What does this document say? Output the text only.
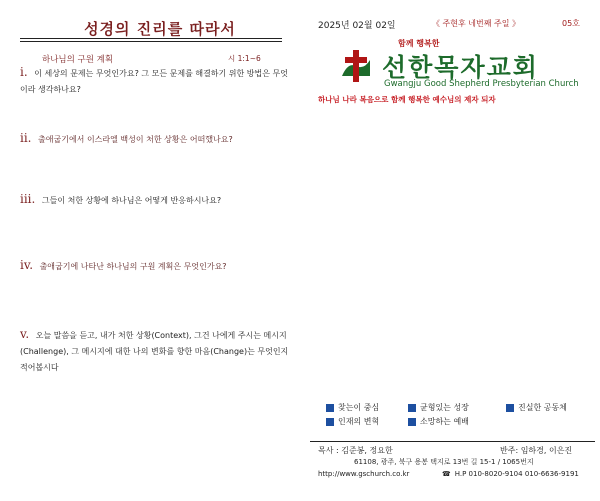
성경의 진리를 따라서
하나님의 구원 계획	시 1:1~6
i. 이 세상의 문제는 무엇인가요? 그 모든 문제를 해결하기 위한 방법은 무엇이라 생각하나요?
ii. 출애굽기에서 이스라엘 백성이 처한 상황은 어떠했나요?
iii. 그들이 처한 상황에 하나님은 어떻게 반응하시나요?
iv. 출애굽기에 나타난 하나님의 구원 계획은 무엇인가요?
v. 오늘 말씀을 듣고, 내가 처한 상황(Context), 그건 나에게 주시는 메시지(Challenge), 그 메시지에 대한 나의 변화를 향한 마음(Change)는 무엇인지 적어봅시다
2025년 02월 02일	《 주현후 네번째 주일 》	05호
함께 행복한
선한목자교회
Gwangju Good Shepherd Presbyterian Church
하나님 나라 복음으로 함께 행복한 예수님의 제자 되자
찾는이 중심	균형있는 성장	진실한 공동체
인재의 변혁	소망하는 예배
목사 : 김준봉, 정요한	반주: 임하경, 이은진
61108, 광주, 북구 용봉 택지로 13번 길 15-1 / 1065번지
http://www.gschurch.co.kr	☎ H.P 010-8020-9104 010-6636-9191
